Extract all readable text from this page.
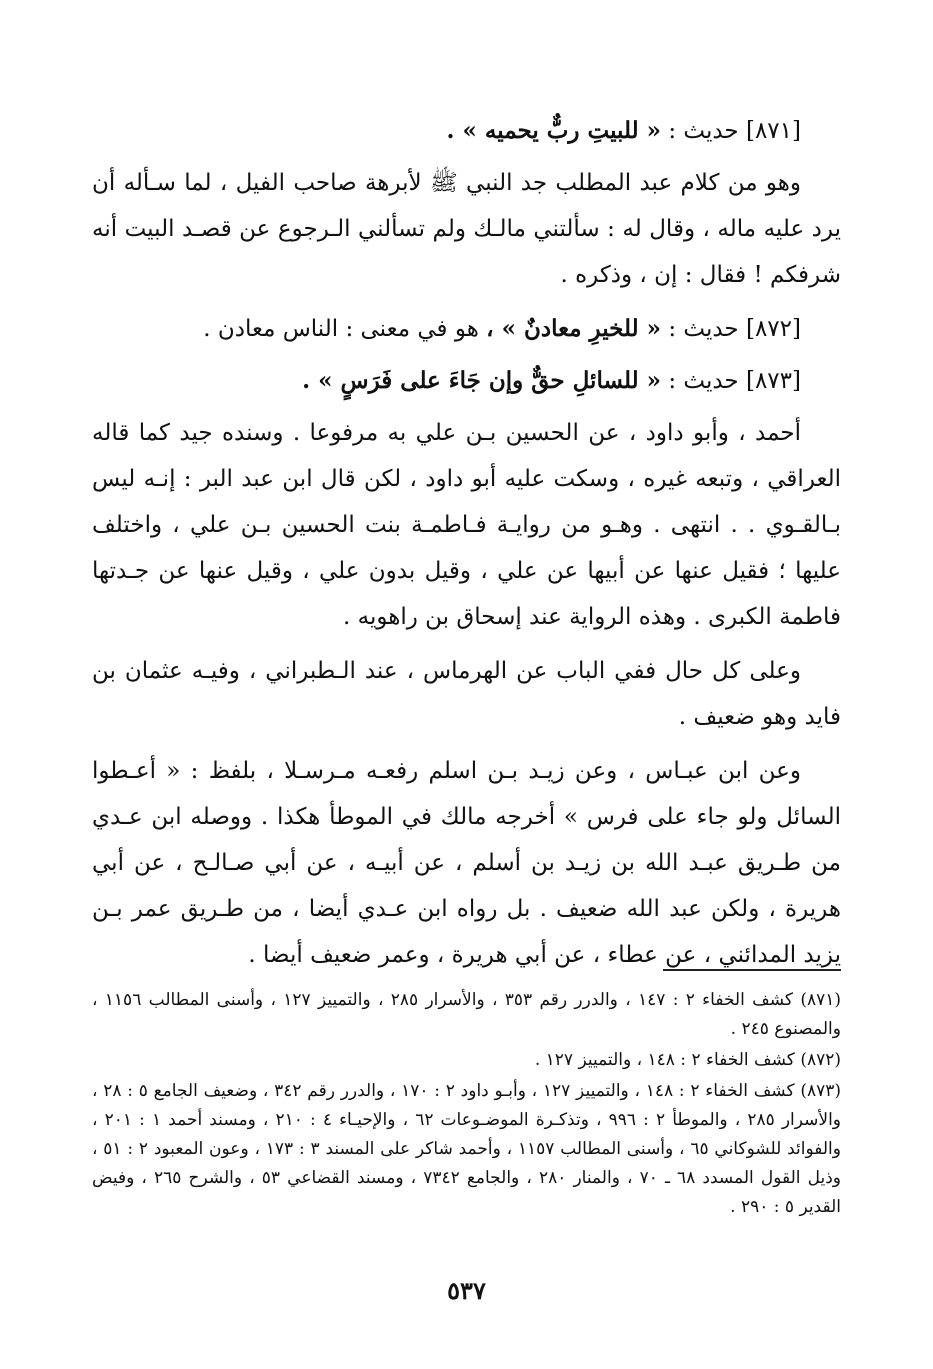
[٨٧١] حديث : « للبيتِ ربٌّ يحميه » .

وهو من كلام عبد المطلب جد النبي ﷺ لأبرهة صاحب الفيل ، لما سـأله أن يرد عليه ماله ، وقال له : سألتني مالـك ولم تسألني الـرجوع عن قصـد البيت أنه شرفكم ! فقال : إن ، وذكره .

[٨٧٢] حديث : « للخيرِ معادنٌ » ، هو في معنى : الناس معادن .

[٨٧٣] حديث : « للسائلِ حقٌّ وإن جَاءَ على فَرَسٍ » .

أحمد ، وأبو داود ، عن الحسين بـن علي به مرفوعا . وسنده جيد كما قاله العراقي ، وتبعه غيره ، وسكت عليه أبو داود ، لكن قال ابن عبد البر : إنـه ليس بـالقـوي . . انتهى . وهـو من روايـة فـاطمـة بنت الحسين بـن علي ، واختلف عليها ؛ فقيل عنها عن أبيها عن علي ، وقيل بدون علي ، وقيل عنها عن جـدتها فاطمة الكبرى . وهذه الرواية عند إسحاق بن راهويه .

وعلى كل حال ففي الباب عن الهرماس ، عند الـطبراني ، وفيـه عثمان بن فايد وهو ضعيف .

وعن ابن عبـاس ، وعن زيـد بـن اسلم رفعـه مـرسـلا ، بلفظ : « أعـطوا السائل ولو جاء على فرس » أخرجه مالك في الموطأ هكذا . ووصله ابن عـدي من طـريق عبـد الله بن زيـد بن أسلم ، عن أبيـه ، عن أبي صـالـح ، عن أبي هريرة ، ولكن عبد الله ضعيف . بل رواه ابن عـدي أيضا ، من طـريق عمر بـن يزيد المدائني ، عن عطاء ، عن أبي هريرة ، وعمر ضعيف أيضا .

(٨٧١) كشف الخفاء ٢ : ١٤٧ ، والدرر رقم ٣٥٣ ، والأسرار ٢٨٥ ، والتمييز ١٢٧ ، وأسنى المطالب ١١٥٦ ، والمصنوع ٢٤٥ .

(٨٧٢) كشف الخفاء ٢ : ١٤٨ ، والتمييز ١٢٧ .

(٨٧٣) كشف الخفاء ٢ : ١٤٨ ، والتمييز ١٢٧ ، وأبـو داود ٢ : ١٧٠ ، والدرر رقم ٣٤٢ ، وضعيف الجامع ٥ : ٢٨ ، والأسرار ٢٨٥ ، والموطأ ٢ : ٩٩٦ ، وتذكـرة الموضـوعات ٦٢ ، والإحيـاء ٤ : ٢١٠ ، ومسند أحمد ١ : ٢٠١ ، والفوائد للشوكاني ٦٥ ، وأسنى المطالب ١١٥٧ ، وأحمد شاكر على المسند ٣ : ١٧٣ ، وعون المعبود ٢ : ٥١ ، وذيل القول المسدد ٦٨ ـ ٧٠ ، والمنار ٢٨٠ ، والجامع ٧٣٤٢ ، ومسند القضاعي ٥٣ ، والشرح ٢٦٥ ، وفيض القدير ٥ : ٢٩٠ .

٥٣٧
